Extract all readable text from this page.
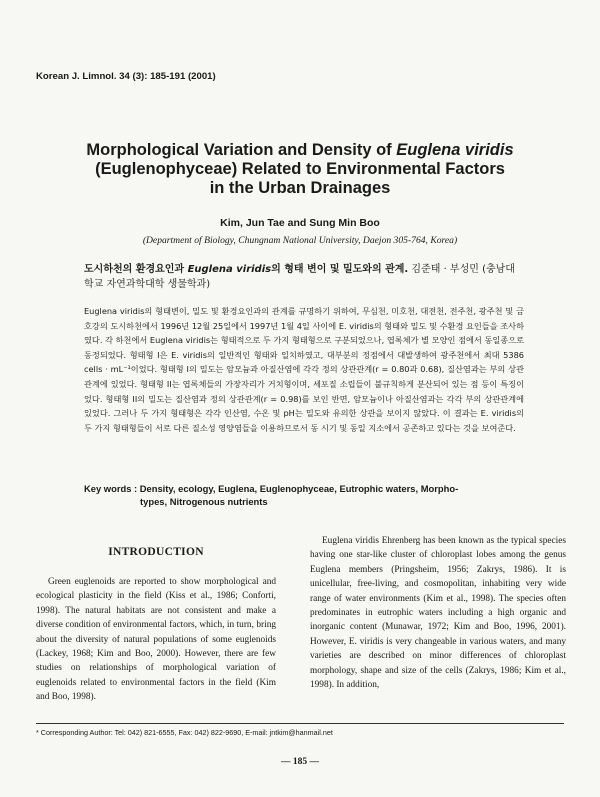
Korean J. Limnol. 34 (3): 185-191 (2001)
Morphological Variation and Density of Euglena viridis
(Euglenophyceae) Related to Environmental Factors
in the Urban Drainages
Kim, Jun Tae and Sung Min Boo
(Department of Biology, Chungnam National University, Daejon 305-764, Korea)
도시하천의 환경요인과 Euglena viridis의 형태 변이 및 밀도와의 관계. 김준태 · 부성민 (충남대학교 자연과학대학 생물학과)
Euglena viridis의 형태변이, 밀도 및 환경요인과의 관계를 규명하기 위하여, 무심천, 미호천, 대전천, 전주천, 광주천 및 금호강의 도시하천에서 1996년 12월 25일에서 1997년 1월 4일 사이에 E. viridis의 형태와 밀도 및 수환경 요인들을 조사하였다. 각 하천에서 Euglena viridis는 형태적으로 두 가지 형태형으로 구분되었으나, 엽록체가 별 모양인 점에서 동일종으로 동정되었다. 형태형 I은 E. viridis의 일반적인 형태와 일치하였고, 대부분의 정점에서 대발생하여 광주천에서 최대 5386 cells · mL⁻¹이었다. 형태형 I의 밀도는 암모늄과 아질산염에 각각 정의 상관관계(r = 0.80과 0.68), 질산염과는 부의 상관관계에 있었다. 형태형 II는 엽록체들의 가장자리가 거치형이며, 세포질 소립들이 불규칙하게 분산되어 있는 점 등이 특징이었다. 형태형 II의 밀도는 질산염과 정의 상관관계(r = 0.98)를 보인 반면, 암모늄이나 아질산염과는 각각 부의 상관관계에 있었다. 그러나 두 가지 형태형은 각각 인산염, 수온 및 pH는 밀도와 유의한 상관을 보이지 않았다. 이 결과는 E. viridis의 두 가지 형태형들이 서로 다른 질소성 영양염들을 이용하므로서 동 시기 및 동일 지소에서 공존하고 있다는 것을 보여준다.
Key words : Density, ecology, Euglena, Euglenophyceae, Eutrophic waters, Morpho-
types, Nitrogenous nutrients
INTRODUCTION

Green euglenoids are reported to show morphological and ecological plasticity in the field (Kiss et al., 1986; Conforti, 1998). The natural habitats are not consistent and make a diverse condition of environmental factors, which, in turn, bring about the diversity of natural populations of some euglenoids (Lackey, 1968; Kim and Boo, 2000). However, there are few studies on relationships of morphological variation of euglenoids related to environmental factors in the field (Kim and Boo, 1998).

Euglena viridis Ehrenberg has been known as the typical species having one star-like cluster of chloroplast lobes among the genus Euglena members (Pringsheim, 1956; Zakrys, 1986). It is unicellular, free-living, and cosmopolitan, inhabiting very wide range of water environments (Kim et al., 1998). The species often predominates in eutrophic waters including a high organic and inorganic content (Munawar, 1972; Kim and Boo, 1996, 2001). However, E. viridis is very changeable in various waters, and many varieties are described on minor differences of chloroplast morphology, shape and size of the cells (Zakrys, 1986; Kim et al., 1998). In addition,

* Corresponding Author: Tel: 042) 821-6555, Fax: 042) 822-9690, E-mail: jntkim@hanmail.net
— 185 —
